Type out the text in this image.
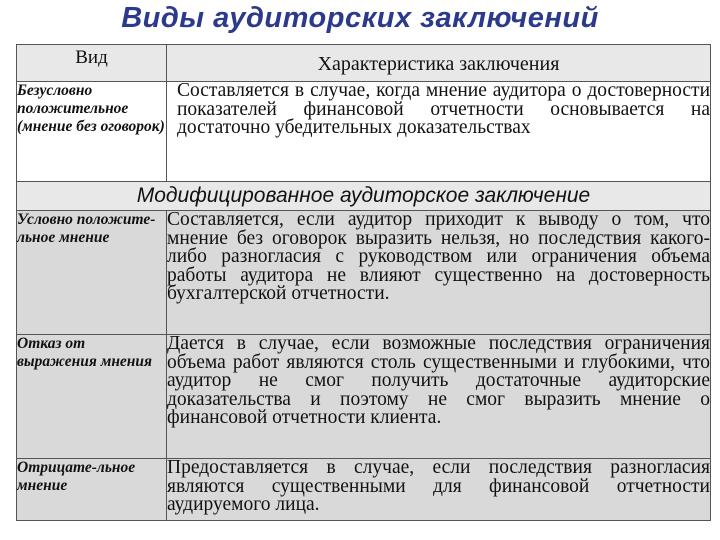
Виды аудиторских заключений
Вид	Характеристика заключения
Безусловно положительное (мнение без оговорок)	Составляется в случае, когда мнение аудитора о достоверности показателей финансовой отчетности основывается на достаточно убедительных доказательствах
Модифицированное аудиторское заключение	
Условно положите-льное мнение	Составляется, если аудитор приходит к выводу о том, что мнение без оговорок выразить нельзя, но последствия какого-либо разногласия с руководством или ограничения объема работы аудитора не влияют существенно на достоверность бухгалтерской отчетности.
Отказ от выражения мнения	Дается в случае, если возможные последствия ограничения объема работ являются столь существенными и глубокими, что аудитор не смог получить достаточные аудиторские доказательства и поэтому не смог выразить мнение о финансовой отчетности клиента.
Отрицате-льное мнение	Предоставляется в случае, если последствия разногласия являются существенными для финансовой отчетности аудируемого лица.
